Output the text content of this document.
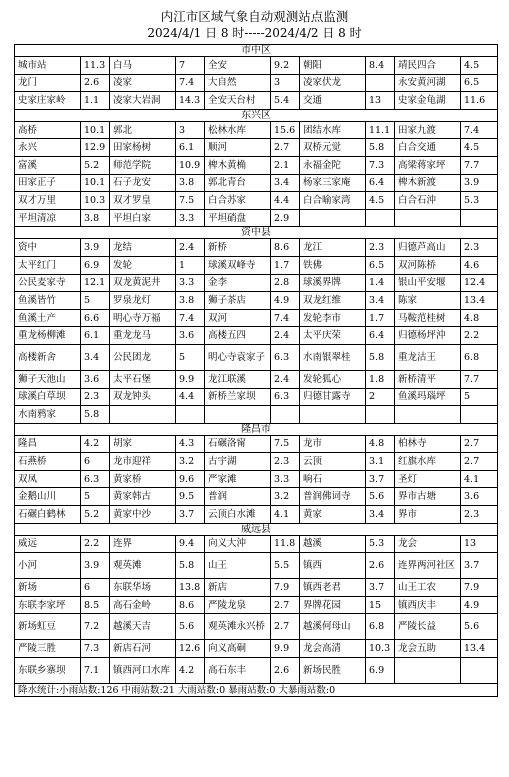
内江市区域气象自动观测站点监测
2024/4/1 日 8 时-----2024/4/2 日 8 时
市中区									
城市站	11.3	白马	7	全安	9.2	朝阳	8.4	靖民四合	4.5
龙门	2.6	凌家	7.4	大自然	3	凌家伏龙		永安黄河湖	6.5
史家庄家岭	1.1	凌家大岩洞	14.3	全安天台村	5.4	交通	13	史家金龟湖	11.6
东兴区									
高桥	10.1	郭北	3	松林水库	15.6	团结水库	11.1	田家九渡	7.4
永兴	12.9	田家杨树	6.1	顺河	2.7	双桥元觉	5.8	白合交通	4.5
富溪	5.2	师范学院	10.9	椑木黄桷	2.1	永福金陀	7.3	高梁蒋家坪	7.7
田家正子	10.1	石子龙安	3.8	郭北青台	3.4	杨家三家庵	6.4	椑木新渡	3.9
双才万里	10.3	双才罗皇	7.5	白合苏家	4.4	白合喻家湾	4.5	白合石沖	5.3
平坦清凉	3.8	平坦白家	3.3	平坦硝盘	2.9				
资中县									
资中	3.9	龙结	2.4	新桥	8.6	龙江	2.3	归德芦高山	2.3
太平红门	6.9	发轮	1	球溪双峰寺	1.7	铁佛	6.5	双河陈桥	4.6
公民麦家寺	12.1	双龙黄泥井	3.3	金李	2.8	球溪界牌	1.4	银山平安堰	12.4
鱼溪皆竹	5	罗泉龙灯	3.8	狮子茶店	4.9	双龙红维	3.4	陈家	13.4
鱼溪土产	6.6	明心寺万福	7.4	双河	7.4	发轮李市	1.7	马鞍范桂树	4.8
重龙杨柳滩	6.1	重龙龙马	3.6	高楼五四	2.4	太平庆荣	6.4	归德杨坪沖	2.2
高楼新舍	3.4	公民团龙	5	明心寺袁家子	6.3	水南银翠桂	5.8	重龙沽王	6.8
狮子天池山	3.6	太平石堡	9.9	龙江联溪	2.4	发轮狐心	1.8	新桥清平	7.7
球溪白草坝	2.3	双龙钟头	4.4	新桥兰家坝	6.3	归德甘露寺	2	鱼溪玛瑙坪	5
水南鸦家	5.8								
隆昌市									
隆昌	4.2	胡家	4.3	石碾洛甯	7.5	龙市	4.8	柏林寺	2.7
石燕桥	6	龙市迎祥	3.2	古宇湖	2.3	云顶	3.1	红旗水库	2.7
双凤	6.3	黄家桥	9.6	严家滩	3.3	响石	3.7	圣灯	4.1
金鹅山川	5	黄家韩古	9.5	普润	3.2	普润佛词寺	5.6	界市古塘	3.6
石碾白鹤林	5.2	黄家中沙	3.7	云顶白水滩	4.1	黄家	3.4	界市	2.3
威远县									
威远	2.2	连界	9.4	向义大沖	11.8	越溪	5.3	龙会	13
小河	3.9	观英滩	5.8	山王	5.5	镇西	2.6	连界两河社区	3.7
新场	6	东联华场	13.8	新店	7.9	镇西老君	3.7	山王工农	7.9
东联李家坪	8.5	高石金岭	8.6	严陵龙泉	2.7	界牌花园	15	镇西庆丰	4.9
新场虹豆	7.2	越溪天吉	5.6	观英滩永兴桥	2.7	越溪何母山	6.8	严陵长益	5.6
严陵三胜	7.3	新店石河	12.6	向义高硐	9.9	龙会高清	10.3	龙会五助	13.4
东联乡寨坝	7.1	镇西河口水库	4.2	高石东丰	2.6	新场民胜	6.9		
降水统计:小雨站数:126 中雨站数:21 大雨站数:0 暴雨站数:0 大暴雨站数:0									
